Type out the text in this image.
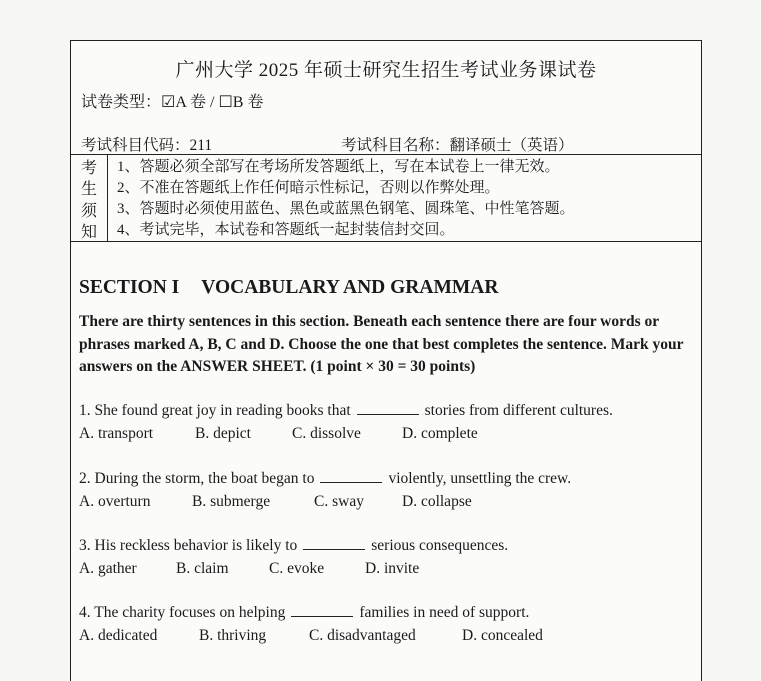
广州大学 2025 年硕士研究生招生考试业务课试卷
试卷类型：☑A 卷 / ☐B 卷
考试科目代码：211	考试科目名称：翻译硕士（英语）
考
生
须
知
1、答题必须全部写在考场所发答题纸上，写在本试卷上一律无效。
2、不准在答题纸上作任何暗示性标记，否则以作弊处理。
3、答题时必须使用蓝色、黑色或蓝黑色钢笔、圆珠笔、中性笔答题。
4、考试完毕，本试卷和答题纸一起封装信封交回。
SECTION I VOCABULARY AND GRAMMAR
There are thirty sentences in this section. Beneath each sentence there are four words or phrases marked A, B, C and D. Choose the one that best completes the sentence. Mark your answers on the ANSWER SHEET. (1 point × 30 = 30 points)
1. She found great joy in reading books that	stories from different cultures.
A. transport	B. depict	C. dissolve	D. complete
2. During the storm, the boat began to	violently, unsettling the crew.
A. overturn	B. submerge	C. sway D. collapse
3. His reckless behavior is likely to	serious consequences.
A. gather	B. claim	C. evoke	D. invite
4. The charity focuses on helping	families in need of support.
A. dedicated	B. thriving	C. disadvantaged	D. concealed
